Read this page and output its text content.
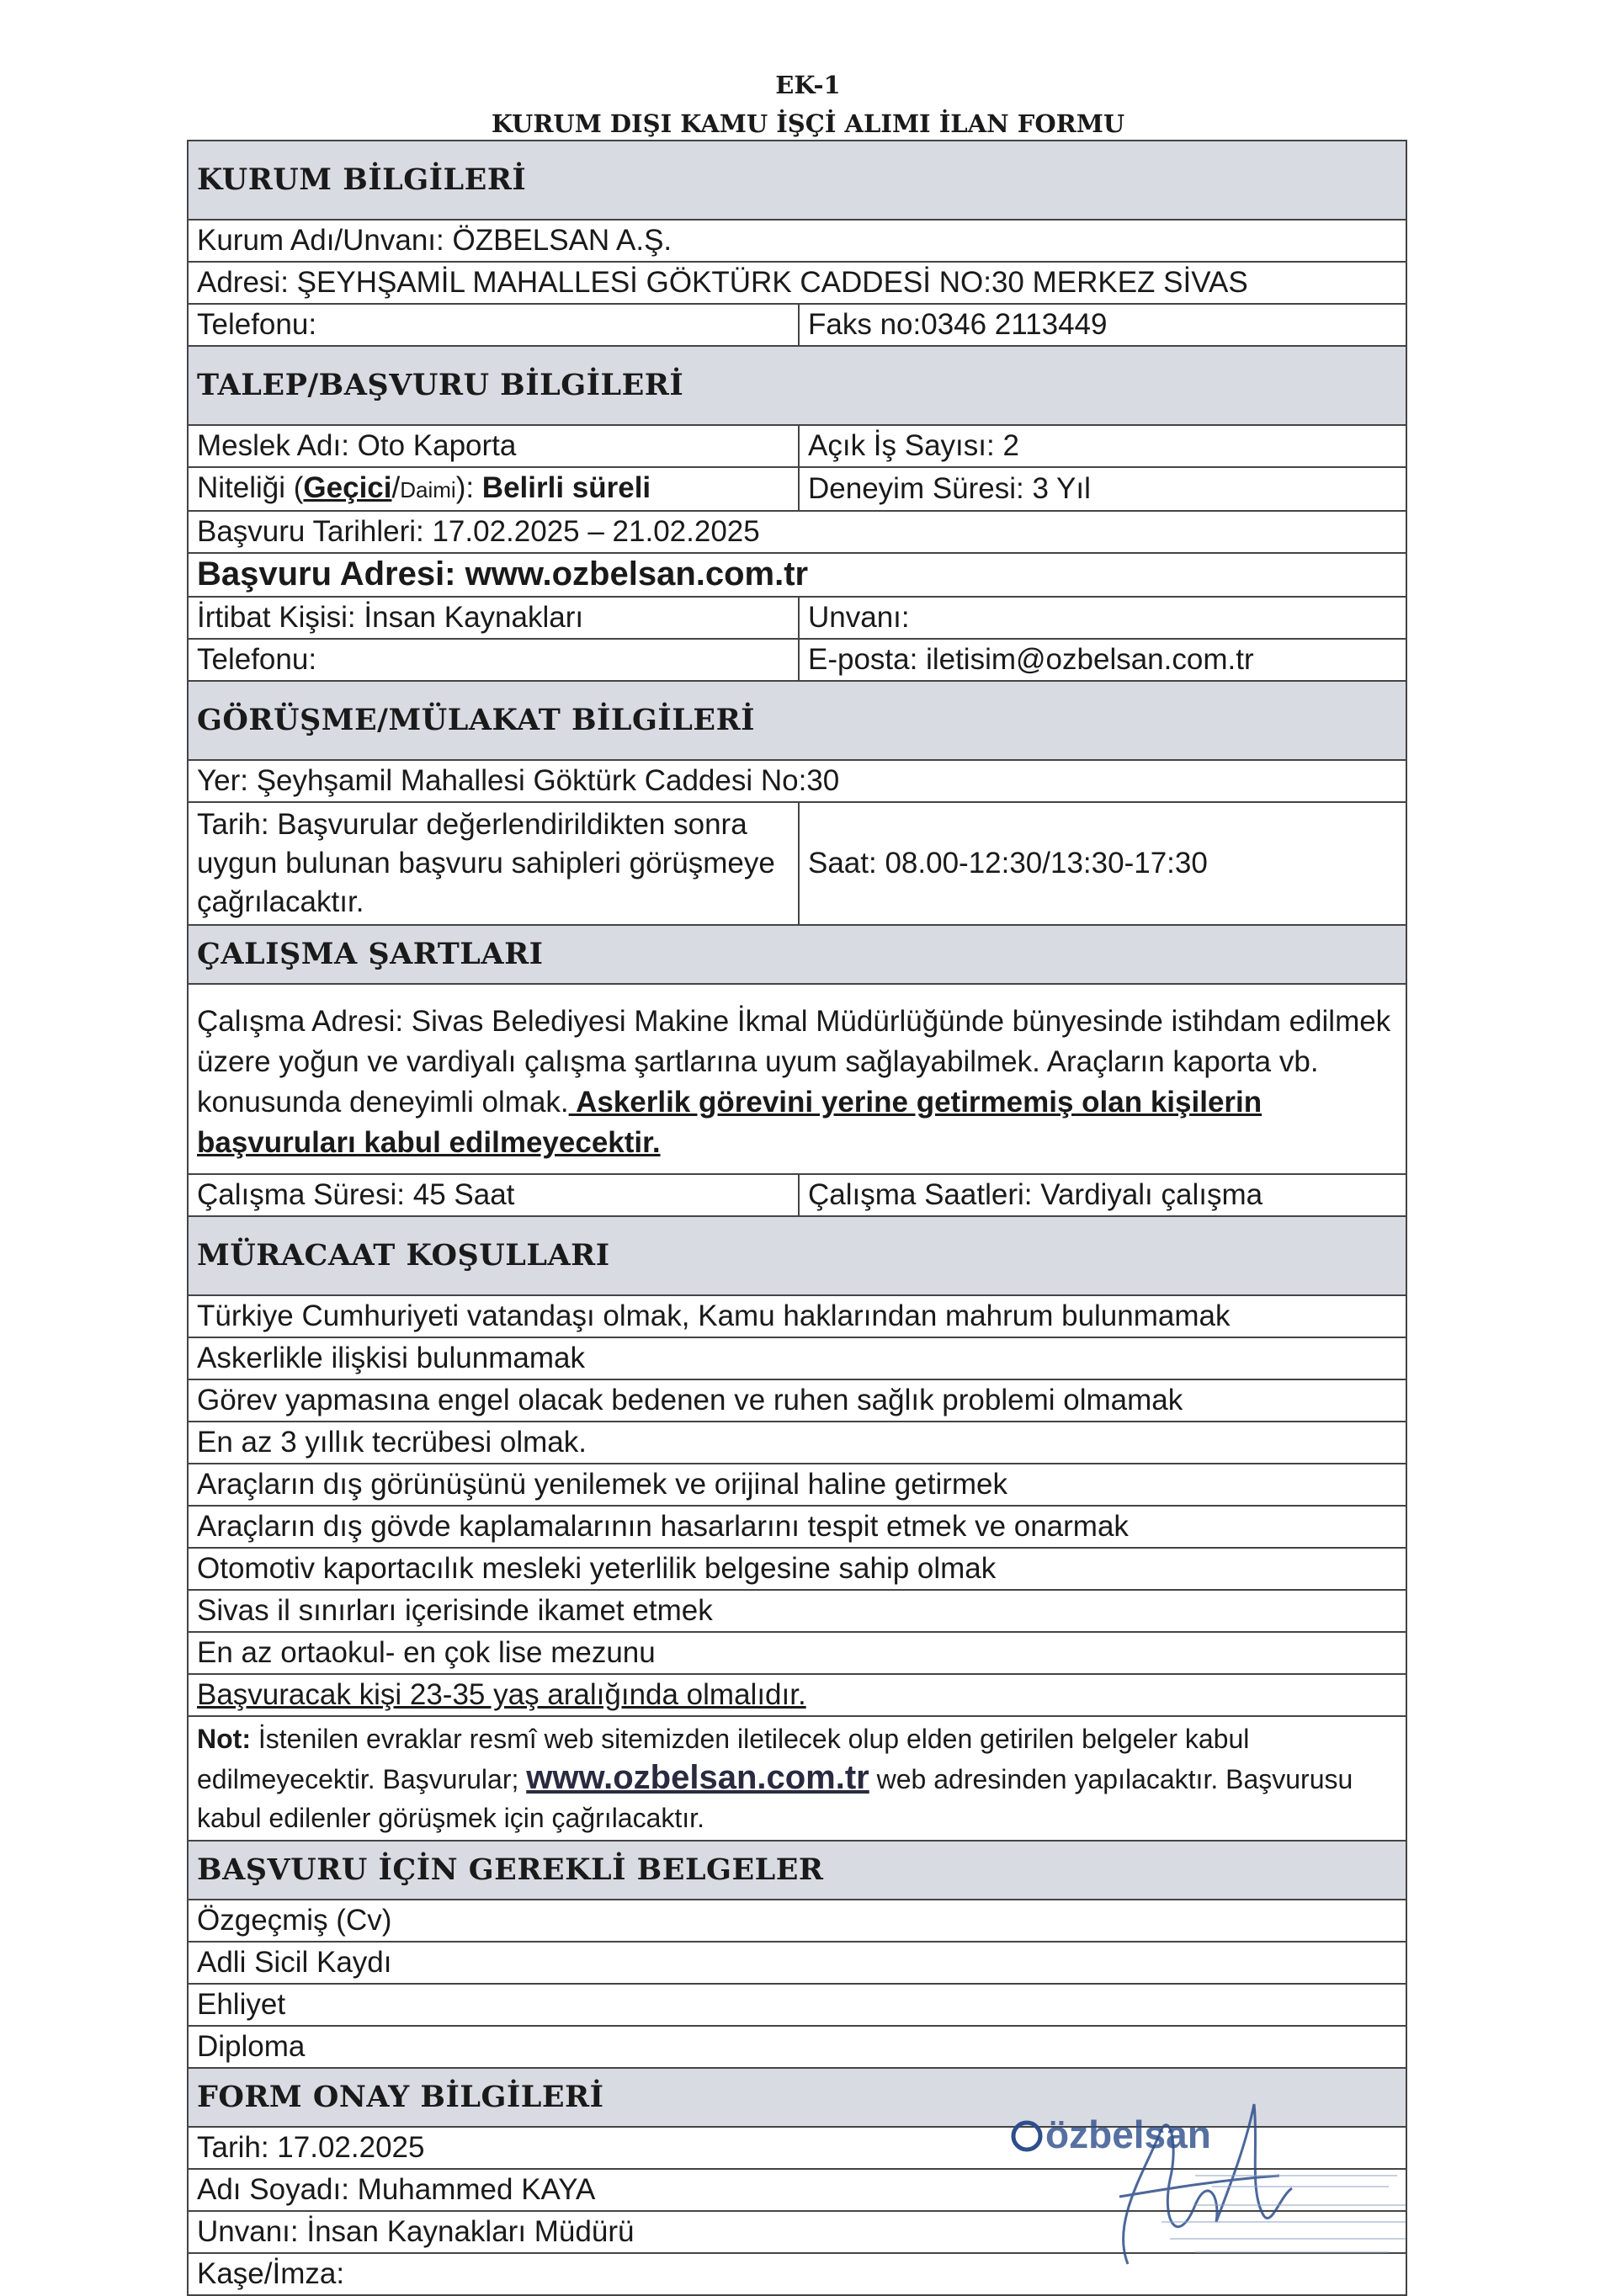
EK-1
KURUM DIŞI KAMU İŞÇİ ALIMI İLAN FORMU
KURUM BİLGİLERİ	
Kurum Adı/Unvanı: ÖZBELSAN A.Ş.	
Adresi: ŞEYHŞAMİL MAHALLESİ GÖKTÜRK CADDESİ NO:30 MERKEZ SİVAS	
Telefonu:	Faks no:0346 2113449
TALEP/BAŞVURU BİLGİLERİ	
Meslek Adı: Oto Kaporta	Açık İş Sayısı: 2
Niteliği (Geçici/Daimi): Belirli süreli	Deneyim Süresi: 3 Yıl
Başvuru Tarihleri: 17.02.2025 – 21.02.2025	
Başvuru Adresi: www.ozbelsan.com.tr	
İrtibat Kişisi: İnsan Kaynakları	Unvanı:
Telefonu:	E-posta: iletisim@ozbelsan.com.tr
GÖRÜŞME/MÜLAKAT BİLGİLERİ	
Yer: Şeyhşamil Mahallesi Göktürk Caddesi No:30	
Tarih: Başvurular değerlendirildikten sonra uygun bulunan başvuru sahipleri görüşmeye çağrılacaktır.	Saat: 08.00-12:30/13:30-17:30
ÇALIŞMA ŞARTLARI	
Çalışma Adresi: Sivas Belediyesi Makine İkmal Müdürlüğünde bünyesinde istihdam edilmek üzere yoğun ve vardiyalı çalışma şartlarına uyum sağlayabilmek. Araçların kaporta vb. konusunda deneyimli olmak. Askerlik görevini yerine getirmemiş olan kişilerin başvuruları kabul edilmeyecektir.	
Çalışma Süresi: 45 Saat	Çalışma Saatleri: Vardiyalı çalışma
MÜRACAAT KOŞULLARI	
Türkiye Cumhuriyeti vatandaşı olmak, Kamu haklarından mahrum bulunmamak	
Askerlikle ilişkisi bulunmamak	
Görev yapmasına engel olacak bedenen ve ruhen sağlık problemi olmamak	
En az 3 yıllık tecrübesi olmak.	
Araçların dış görünüşünü yenilemek ve orijinal haline getirmek	
Araçların dış gövde kaplamalarının hasarlarını tespit etmek ve onarmak	
Otomotiv kaportacılık mesleki yeterlilik belgesine sahip olmak	
Sivas il sınırları içerisinde ikamet etmek	
En az ortaokul- en çok lise mezunu	
Başvuracak kişi 23-35 yaş aralığında olmalıdır.	
Not: İstenilen evraklar resmî web sitemizden iletilecek olup elden getirilen belgeler kabul edilmeyecektir. Başvurular; www.ozbelsan.com.tr web adresinden yapılacaktır. Başvurusu kabul edilenler görüşmek için çağrılacaktır.	
BAŞVURU İÇİN GEREKLİ BELGELER	
Özgeçmiş (Cv)	
Adli Sicil Kaydı	
Ehliyet	
Diploma	
FORM ONAY BİLGİLERİ	
Tarih: 17.02.2025	
Adı Soyadı: Muhammed KAYA	
Unvanı: İnsan Kaynakları Müdürü	
Kaşe/İmza:	
özbelsan
